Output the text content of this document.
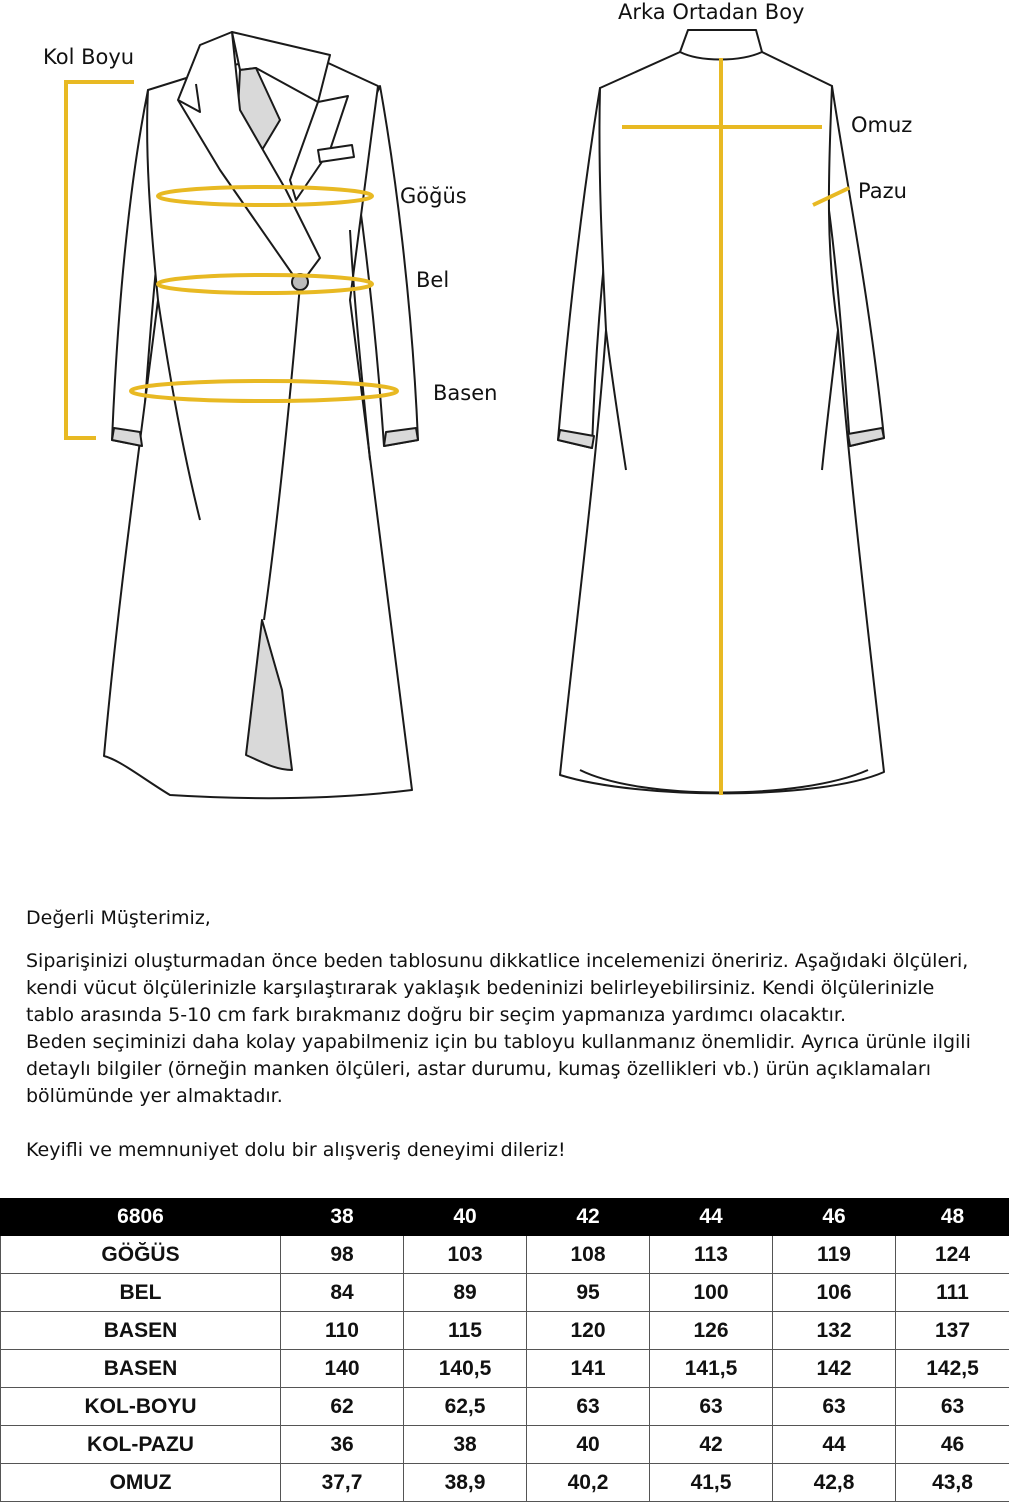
Kol Boyu
Göğüs
Bel
Basen
Arka Ortadan Boy
Omuz
Pazu

Değerli Müşterimiz,

Siparişinizi oluşturmadan önce beden tablosunu dikkatlice incelemenizi öneririz. Aşağıdaki ölçüleri, kendi vücut ölçülerinizle karşılaştırarak yaklaşık bedeninizi belirleyebilirsiniz. Kendi ölçülerinizle tablo arasında 5-10 cm fark bırakmanız doğru bir seçim yapmanıza yardımcı olacaktır.

Beden seçiminizi daha kolay yapabilmeniz için bu tabloyu kullanmanız önemlidir. Ayrıca ürünle ilgili detaylı bilgiler (örneğin manken ölçüleri, astar durumu, kumaş özellikleri vb.) ürün açıklamaları bölümünde yer almaktadır.

Keyifli ve memnuniyet dolu bir alışveriş deneyimi dileriz!

6806	38	40	42	44	46	48
GÖĞÜS	98	103	108	113	119	124
BEL	84	89	95	100	106	111
BASEN	110	115	120	126	132	137
BASEN	140	140,5	141	141,5	142	142,5
KOL-BOYU	62	62,5	63	63	63	63
KOL-PAZU	36	38	40	42	44	46
OMUZ	37,7	38,9	40,2	41,5	42,8	43,8
